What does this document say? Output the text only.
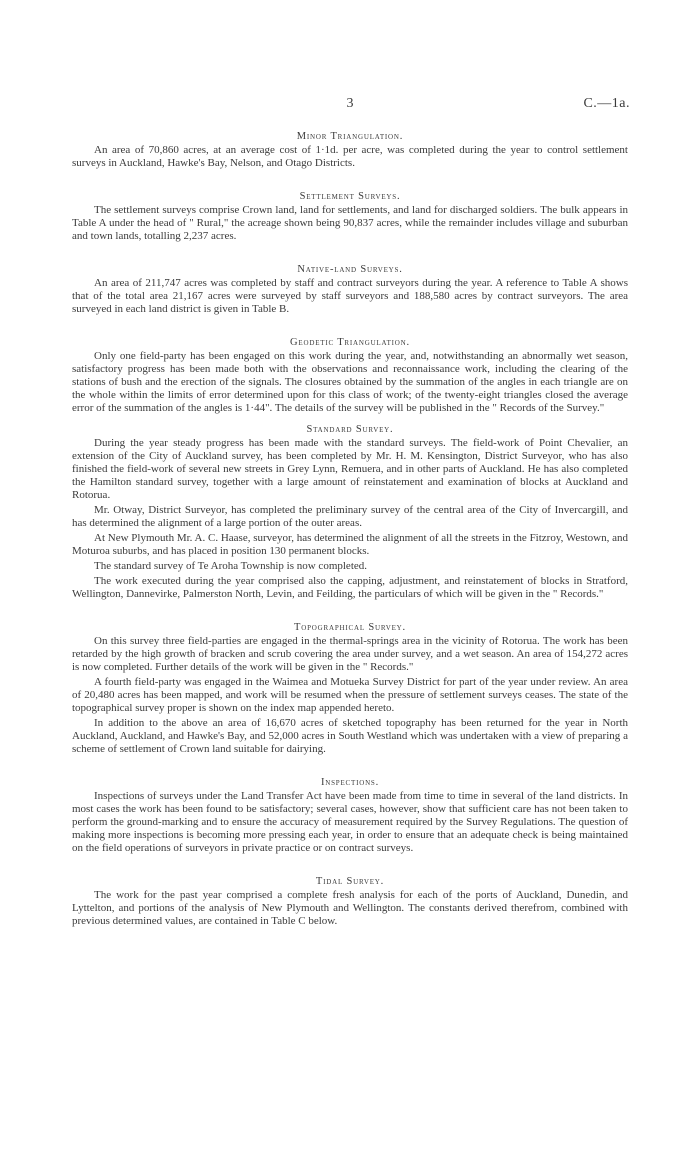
3	C.—1a.
Minor Triangulation.

An area of 70,860 acres, at an average cost of 1·1d. per acre, was completed during the year to control settlement surveys in Auckland, Hawke's Bay, Nelson, and Otago Districts.

Settlement Surveys.

The settlement surveys comprise Crown land, land for settlements, and land for discharged soldiers. The bulk appears in Table A under the head of " Rural," the acreage shown being 90,837 acres, while the remainder includes village and suburban and town lands, totalling 2,237 acres.

Native-land Surveys.

An area of 211,747 acres was completed by staff and contract surveyors during the year. A reference to Table A shows that of the total area 21,167 acres were surveyed by staff surveyors and 188,580 acres by contract surveyors. The area surveyed in each land district is given in Table B.

Geodetic Triangulation.

Only one field-party has been engaged on this work during the year, and, notwithstanding an abnormally wet season, satisfactory progress has been made both with the observations and reconnaissance work, including the clearing of the stations of bush and the erection of the signals. The closures obtained by the summation of the angles in each triangle are on the whole within the limits of error determined upon for this class of work; of the twenty-eight triangles closed the average error of the summation of the angles is 1·44". The details of the survey will be published in the " Records of the Survey."

Standard Survey.

During the year steady progress has been made with the standard surveys. The field-work of Point Chevalier, an extension of the City of Auckland survey, has been completed by Mr. H. M. Kensington, District Surveyor, who has also finished the field-work of several new streets in Grey Lynn, Remuera, and in other parts of Auckland. He has also completed the Hamilton standard survey, together with a large amount of reinstatement and examination of blocks at Auckland and Rotorua.

Mr. Otway, District Surveyor, has completed the preliminary survey of the central area of the City of Invercargill, and has determined the alignment of a large portion of the outer areas.

At New Plymouth Mr. A. C. Haase, surveyor, has determined the alignment of all the streets in the Fitzroy, Westown, and Moturoa suburbs, and has placed in position 130 permanent blocks.

The standard survey of Te Aroha Township is now completed.

The work executed during the year comprised also the capping, adjustment, and reinstatement of blocks in Stratford, Wellington, Dannevirke, Palmerston North, Levin, and Feilding, the particulars of which will be given in the " Records."

Topographical Survey.

On this survey three field-parties are engaged in the thermal-springs area in the vicinity of Rotorua. The work has been retarded by the high growth of bracken and scrub covering the area under survey, and a wet season. An area of 154,272 acres is now completed. Further details of the work will be given in the " Records."

A fourth field-party was engaged in the Waimea and Motueka Survey District for part of the year under review. An area of 20,480 acres has been mapped, and work will be resumed when the pressure of settlement surveys ceases. The state of the topographical survey proper is shown on the index map appended hereto.

In addition to the above an area of 16,670 acres of sketched topography has been returned for the year in North Auckland, Auckland, and Hawke's Bay, and 52,000 acres in South Westland which was undertaken with a view of preparing a scheme of settlement of Crown land suitable for dairying.

Inspections.

Inspections of surveys under the Land Transfer Act have been made from time to time in several of the land districts. In most cases the work has been found to be satisfactory; several cases, however, show that sufficient care has not been taken to perform the ground-marking and to ensure the accuracy of measurement required by the Survey Regulations. The question of making more inspections is becoming more pressing each year, in order to ensure that an adequate check is being maintained on the field operations of surveyors in private practice or on contract surveys.

Tidal Survey.

The work for the past year comprised a complete fresh analysis for each of the ports of Auckland, Dunedin, and Lyttelton, and portions of the analysis of New Plymouth and Wellington. The constants derived therefrom, combined with previous determined values, are contained in Table C below.
